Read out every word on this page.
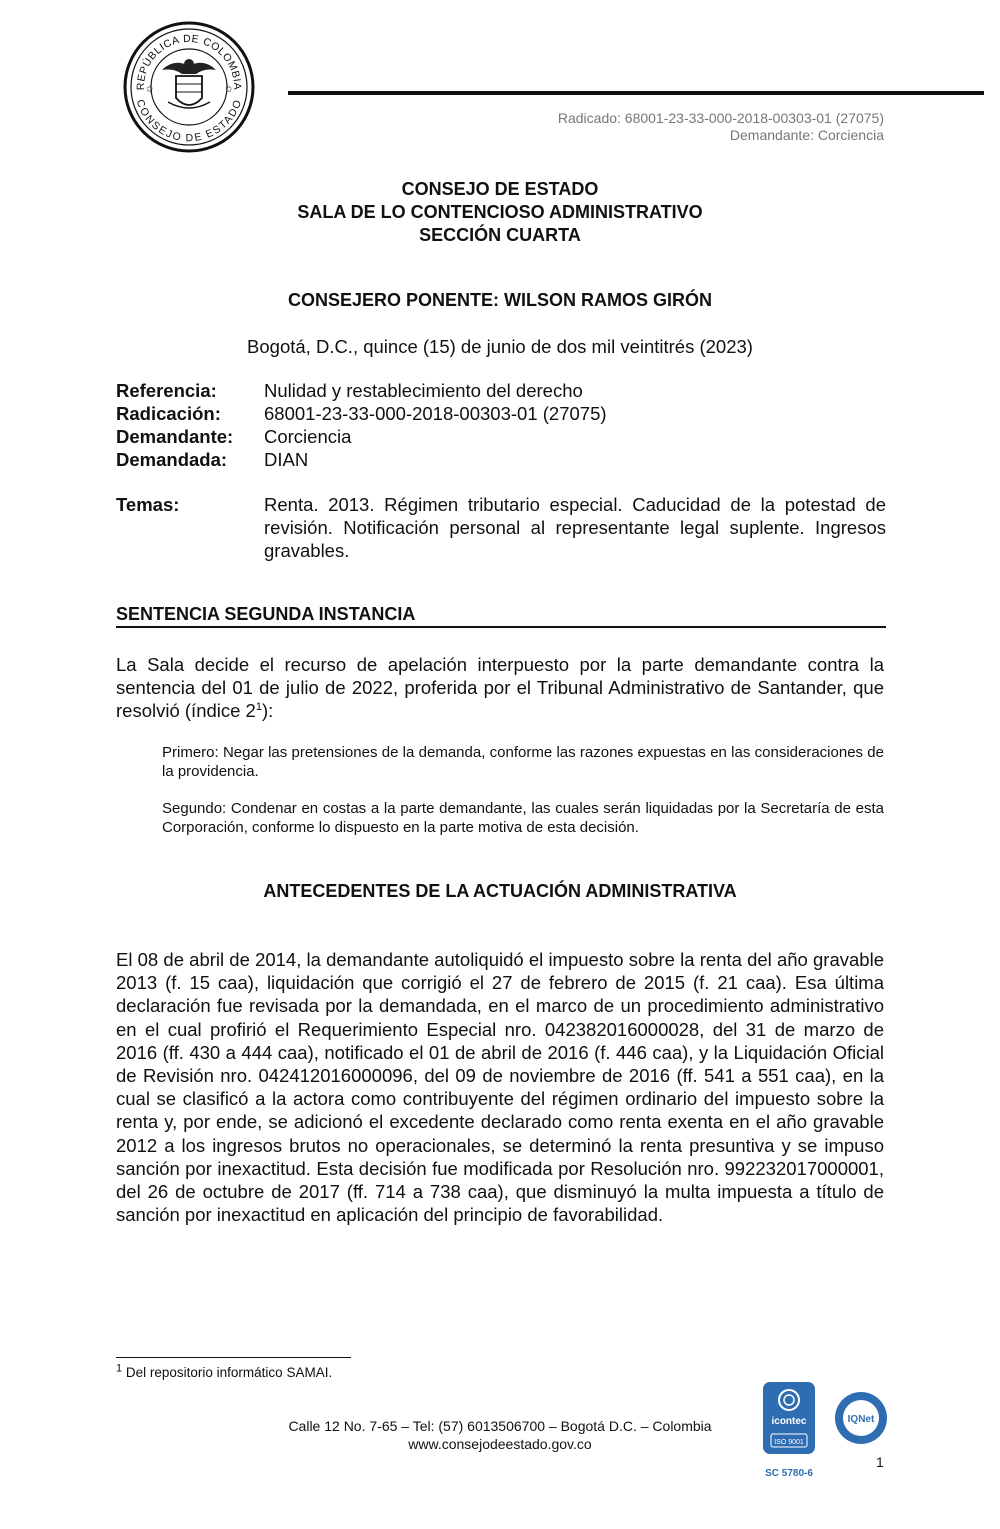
REPÚBLICA DE COLOMBIA
CONSEJO DE ESTADO
✩	✩
Radicado: 68001-23-33-000-2018-00303-01 (27075)
Demandante: Corciencia
CONSEJO DE ESTADO
SALA DE LO CONTENCIOSO ADMINISTRATIVO
SECCIÓN CUARTA
CONSEJERO PONENTE: WILSON RAMOS GIRÓN
Bogotá, D.C., quince (15) de junio de dos mil veintitrés (2023)
Referencia:	Nulidad y restablecimiento del derecho
Radicación:	68001-23-33-000-2018-00303-01 (27075)
Demandante:	Corciencia
Demandada:	DIAN
Temas:	Renta. 2013. Régimen tributario especial. Caducidad de la potestad de revisión. Notificación personal al representante legal suplente. Ingresos gravables.
SENTENCIA SEGUNDA INSTANCIA
La Sala decide el recurso de apelación interpuesto por la parte demandante contra la sentencia del 01 de julio de 2022, proferida por el Tribunal Administrativo de Santander, que resolvió (índice $2^1$):
Primero: Negar las pretensiones de la demanda, conforme las razones expuestas en las consideraciones de la providencia.
Segundo: Condenar en costas a la parte demandante, las cuales serán liquidadas por la Secretaría de esta Corporación, conforme lo dispuesto en la parte motiva de esta decisión.
ANTECEDENTES DE LA ACTUACIÓN ADMINISTRATIVA
El 08 de abril de 2014, la demandante autoliquidó el impuesto sobre la renta del año gravable 2013 (f. 15 caa), liquidación que corrigió el 27 de febrero de 2015 (f. 21 caa). Esa última declaración fue revisada por la demandada, en el marco de un procedimiento administrativo en el cual profirió el Requerimiento Especial nro. 042382016000028, del 31 de marzo de 2016 (ff. 430 a 444 caa), notificado el 01 de abril de 2016 (f. 446 caa), y la Liquidación Oficial de Revisión nro. 042412016000096, del 09 de noviembre de 2016 (ff. 541 a 551 caa), en la cual se clasificó a la actora como contribuyente del régimen ordinario del impuesto sobre la renta y, por ende, se adicionó el excedente declarado como renta exenta en el año gravable 2012 a los ingresos brutos no operacionales, se determinó la renta presuntiva y se impuso sanción por inexactitud. Esta decisión fue modificada por Resolución nro. 992232017000001, del 26 de octubre de 2017 (ff. 714 a 738 caa), que disminuyó la multa impuesta a título de sanción por inexactitud en aplicación del principio de favorabilidad.
$^1$ Del repositorio informático SAMAI.
Calle 12 No. 7-65 – Tel: (57) 6013506700 – Bogotá D.C. – Colombia
www.consejodeestado.gov.co
icontec
ISO 9001
SC 5780-6
IQNet
1
